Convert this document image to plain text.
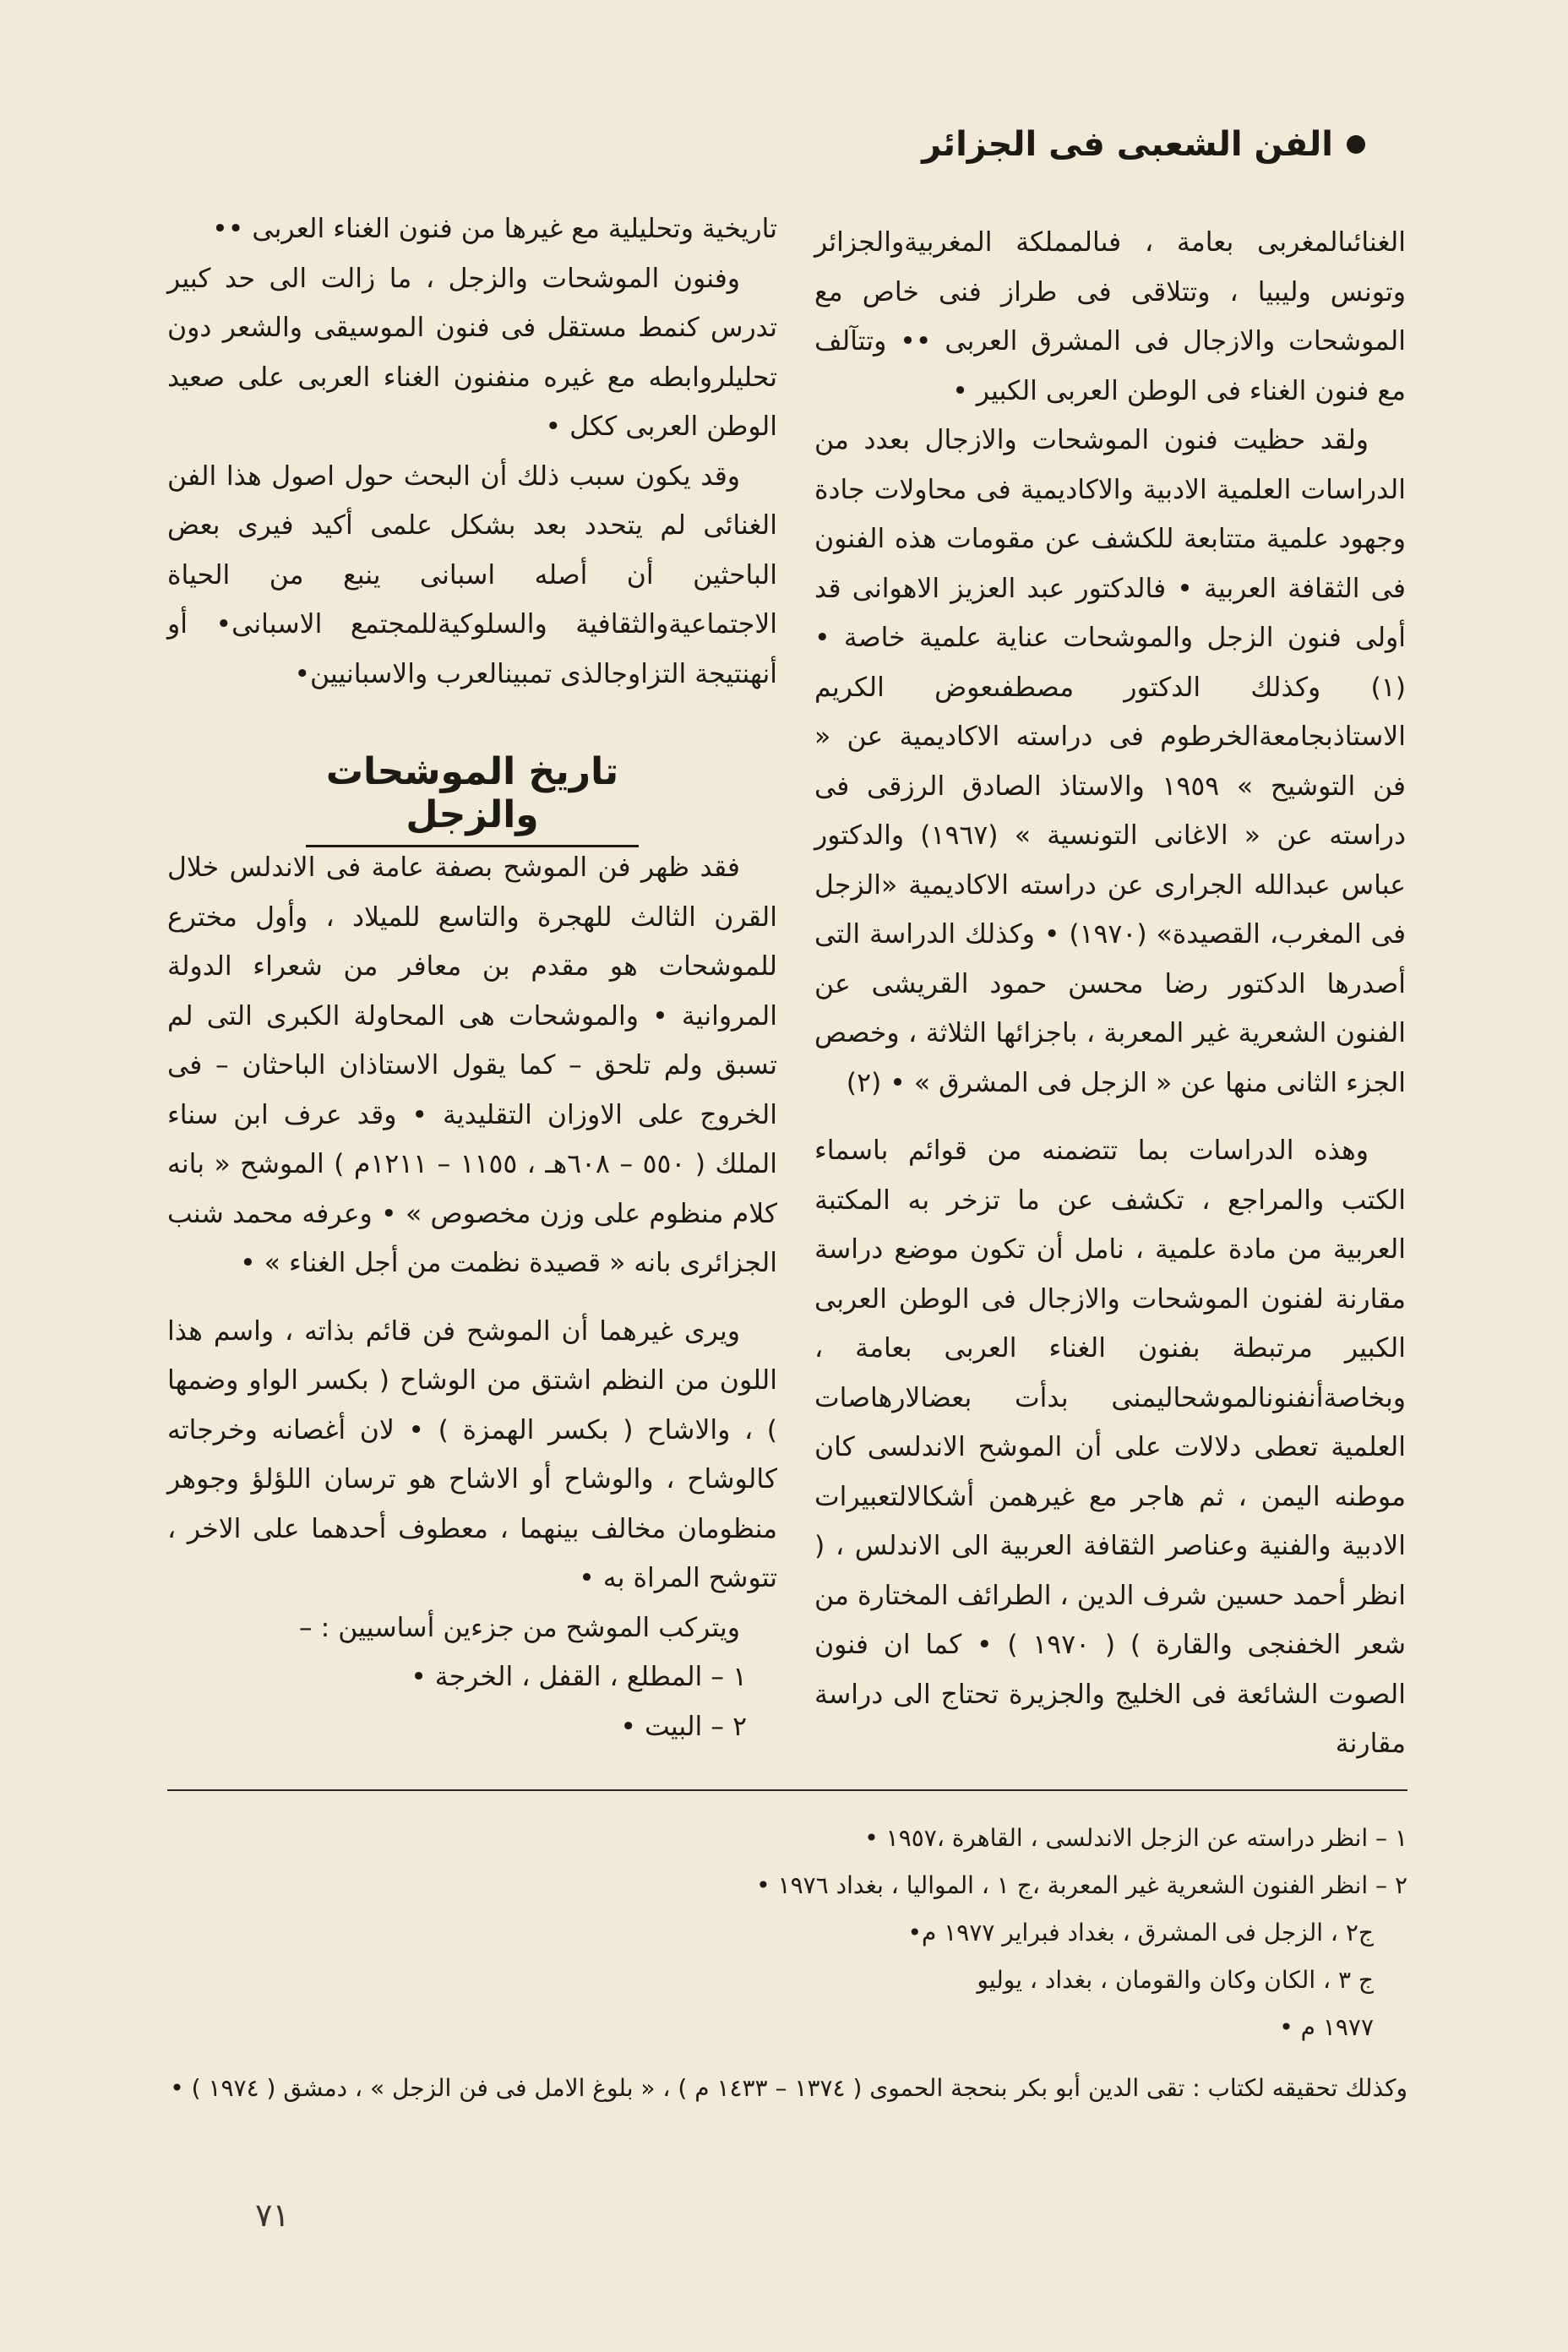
الفن الشعبى فى الجزائر

الغنائىالمغربى بعامة ، فىالمملكة المغربيةوالجزائر وتونس وليبيا ، وتتلاقى فى طراز فنى خاص مع الموشحات والازجال فى المشرق العربى •• وتتآلف مع فنون الغناء فى الوطن العربى الكبير •

ولقد حظيت فنون الموشحات والازجال بعدد من الدراسات العلمية الادبية والاكاديمية فى محاولات جادة وجهود علمية متتابعة للكشف عن مقومات هذه الفنون فى الثقافة العربية • فالدكتور عبد العزيز الاهوانى قد أولى فنون الزجل والموشحات عناية علمية خاصة • (١) وكذلك الدكتور مصطفىعوض الكريم الاستاذبجامعةالخرطوم فى دراسته الاكاديمية عن « فن التوشيح » ١٩٥٩ والاستاذ الصادق الرزقى فى دراسته عن « الاغانى التونسية » (١٩٦٧) والدكتور عباس عبدالله الجرارى عن دراسته الاكاديمية «الزجل فى المغرب، القصيدة» (١٩٧٠) • وكذلك الدراسة التى أصدرها الدكتور رضا محسن حمود القريشى عن الفنون الشعرية غير المعربة ، باجزائها الثلاثة ، وخصص الجزء الثانى منها عن « الزجل فى المشرق » • (٢)

وهذه الدراسات بما تتضمنه من قوائم باسماء الكتب والمراجع ، تكشف عن ما تزخر به المكتبة العربية من مادة علمية ، نامل أن تكون موضع دراسة مقارنة لفنون الموشحات والازجال فى الوطن العربى الكبير مرتبطة بفنون الغناء العربى بعامة ، وبخاصةأنفنونالموشحاليمنى بدأت بعضالارهاصات العلمية تعطى دلالات على أن الموشح الاندلسى كان موطنه اليمن ، ثم هاجر مع غيرهمن أشكالالتعبيرات الادبية والفنية وعناصر الثقافة العربية الى الاندلس ، ( انظر أحمد حسين شرف الدين ، الطرائف المختارة من شعر الخفنجى والقارة ) ( ١٩٧٠ ) • كما ان فنون الصوت الشائعة فى الخليج والجزيرة تحتاج الى دراسة مقارنة

تاريخية وتحليلية مع غيرها من فنون الغناء العربى ••

وفنون الموشحات والزجل ، ما زالت الى حد كبير تدرس كنمط مستقل فى فنون الموسيقى والشعر دون تحليلروابطه مع غيره منفنون الغناء العربى على صعيد الوطن العربى ككل •

وقد يكون سبب ذلك أن البحث حول اصول هذا الفن الغنائى لم يتحدد بعد بشكل علمى أكيد فيرى بعض الباحثين أن أصله اسبانى ينبع من الحياة الاجتماعيةوالثقافية والسلوكيةللمجتمع الاسبانى• أو أنهنتيجة التزاوجالذى تمبينالعرب والاسبانيين•

تاريخ الموشحات والزجل

فقد ظهر فن الموشح بصفة عامة فى الاندلس خلال القرن الثالث للهجرة والتاسع للميلاد ، وأول مخترع للموشحات هو مقدم بن معافر من شعراء الدولة المروانية • والموشحات هى المحاولة الكبرى التى لم تسبق ولم تلحق – كما يقول الاستاذان الباحثان – فى الخروج على الاوزان التقليدية • وقد عرف ابن سناء الملك ( ٥٥٠ – ٦٠٨هـ ، ١١٥٥ – ١٢١١م ) الموشح « بانه كلام منظوم على وزن مخصوص » • وعرفه محمد شنب الجزائرى بانه « قصيدة نظمت من أجل الغناء » •

ويرى غيرهما أن الموشح فن قائم بذاته ، واسم هذا اللون من النظم اشتق من الوشاح ( بكسر الواو وضمها ) ، والاشاح ( بكسر الهمزة ) • لان أغصانه وخرجاته كالوشاح ، والوشاح أو الاشاح هو ترسان اللؤلؤ وجوهر منظومان مخالف بينهما ، معطوف أحدهما على الاخر ، تتوشح المراة به •

ويتركب الموشح من جزءين أساسيين : –

١ – المطلع ، القفل ، الخرجة •

٢ – البيت •

١ – انظر دراسته عن الزجل الاندلسى ، القاهرة ،١٩٥٧ •

٢ – انظر الفنون الشعرية غير المعربة ،ج ١ ، المواليا ، بغداد ١٩٧٦ •

ج٢ ، الزجل فى المشرق ، بغداد فبراير ١٩٧٧ م•

ج ٣ ، الكان وكان والقومان ، بغداد ، يوليو

١٩٧٧ م •

وكذلك تحقيقه لكتاب : تقى الدين أبو بكر بنحجة الحموى ( ١٣٧٤ – ١٤٣٣ م ) ، « بلوغ الامل فى فن الزجل » ، دمشق ( ١٩٧٤ ) •

٧١
